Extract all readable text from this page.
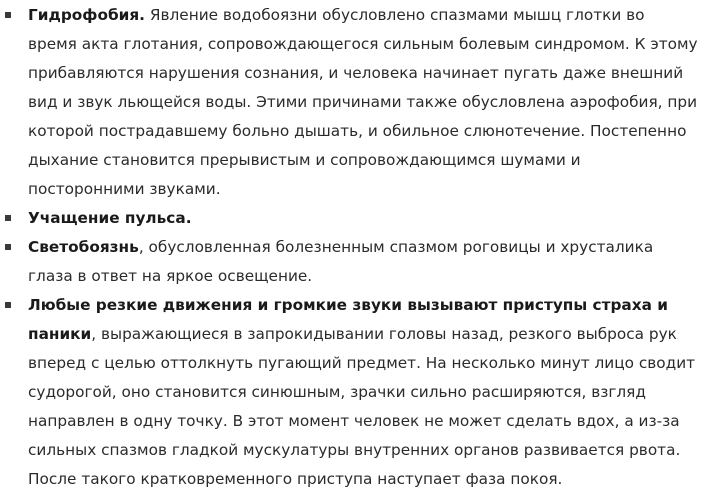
Гидрофобия. Явление водобоязни обусловлено спазмами мышц глотки во время акта глотания, сопровождающегося сильным болевым синдромом. К этому прибавляются нарушения сознания, и человека начинает пугать даже внешний вид и звук льющейся воды. Этими причинами также обусловлена аэрофобия, при которой пострадавшему больно дышать, и обильное слюнотечение. Постепенно дыхание становится прерывистым и сопровождающимся шумами и посторонними звуками.
Учащение пульса.
Светобоязнь, обусловленная болезненным спазмом роговицы и хрусталика глаза в ответ на яркое освещение.
Любые резкие движения и громкие звуки вызывают приступы страха и паники, выражающиеся в запрокидывании головы назад, резкого выброса рук вперед с целью оттолкнуть пугающий предмет. На несколько минут лицо сводит судорогой, оно становится синюшным, зрачки сильно расширяются, взгляд направлен в одну точку. В этот момент человек не может сделать вдох, а из-за сильных спазмов гладкой мускулатуры внутренних органов развивается рвота. После такого кратковременного приступа наступает фаза покоя.
